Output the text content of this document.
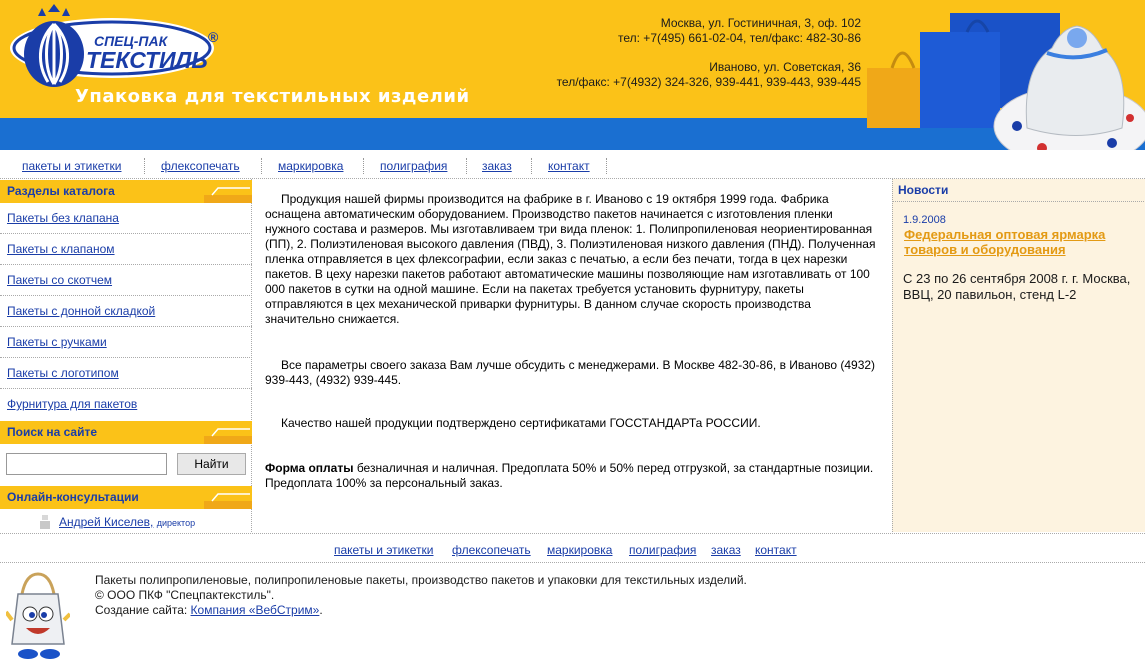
СПЕЦ-ПАК
ТЕКСТИЛЬ
®
Упаковка для текстильных изделий
Москва, ул. Гостиничная, 3, оф. 102
тел: +7(495) 661-02-04, тел/факс: 482-30-86
Иваново, ул. Советская, 36
тел/факс: +7(4932) 324-326, 939-441, 939-443, 939-445
пакеты и этикетки	флексопечать	маркировка	полиграфия	заказ	контакт
Разделы каталога
Пакеты без клапана
Пакеты с клапаном
Пакеты со скотчем
Пакеты с донной складкой
Пакеты с ручками
Пакеты с логотипом
Фурнитура для пакетов
Поиск на сайте
Найти
Онлайн-консультации
Андрей Киселев, директор

Продукция нашей фирмы производится на фабрике в г. Иваново с 19 октября 1999 года. Фабрика оснащена автоматическим оборудованием. Производство пакетов начинается с изготовления пленки нужного состава и размеров. Мы изготавливаем три вида пленок: 1. Полипропиленовая неориентированная (ПП), 2. Полиэтиленовая высокого давления (ПВД), 3. Полиэтиленовая низкого давления (ПНД). Полученная пленка отправляется в цех флексографии, если заказ с печатью, а если без печати, тогда в цех нарезки пакетов. В цеху нарезки пакетов работают автоматические машины позволяющие нам изготавливать от 100 000 пакетов в сутки на одной машине. Если на пакетах требуется установить фурнитуру, пакеты отправляются в цех механической приварки фурнитуры. В данном случае скорость производства значительно снижается.

Все параметры своего заказа Вам лучше обсудить с менеджерами. В Москве 482-30-86, в Иваново (4932) 939-443, (4932) 939-445.

Качество нашей продукции подтверждено сертификатами ГОССТАНДАРТа РОССИИ.

Форма оплаты безналичная и наличная. Предоплата 50% и 50% перед отгрузкой, за стандартные позиции. Предоплата 100% за персональный заказ.

Новости
1.9.2008
Федеральная оптовая ярмарка товаров и оборудования
С 23 по 26 сентября 2008 г. г. Москва, ВВЦ, 20 павильон, стенд L-2
пакеты и этикетки флексопечать маркировка полиграфия заказ контакт
Пакеты полипропиленовые, полипропиленовые пакеты, производство пакетов и упаковки для текстильных изделий.
© ООО ПКФ "Спецпактекстиль".
Создание сайта: Компания «ВебСтрим».
